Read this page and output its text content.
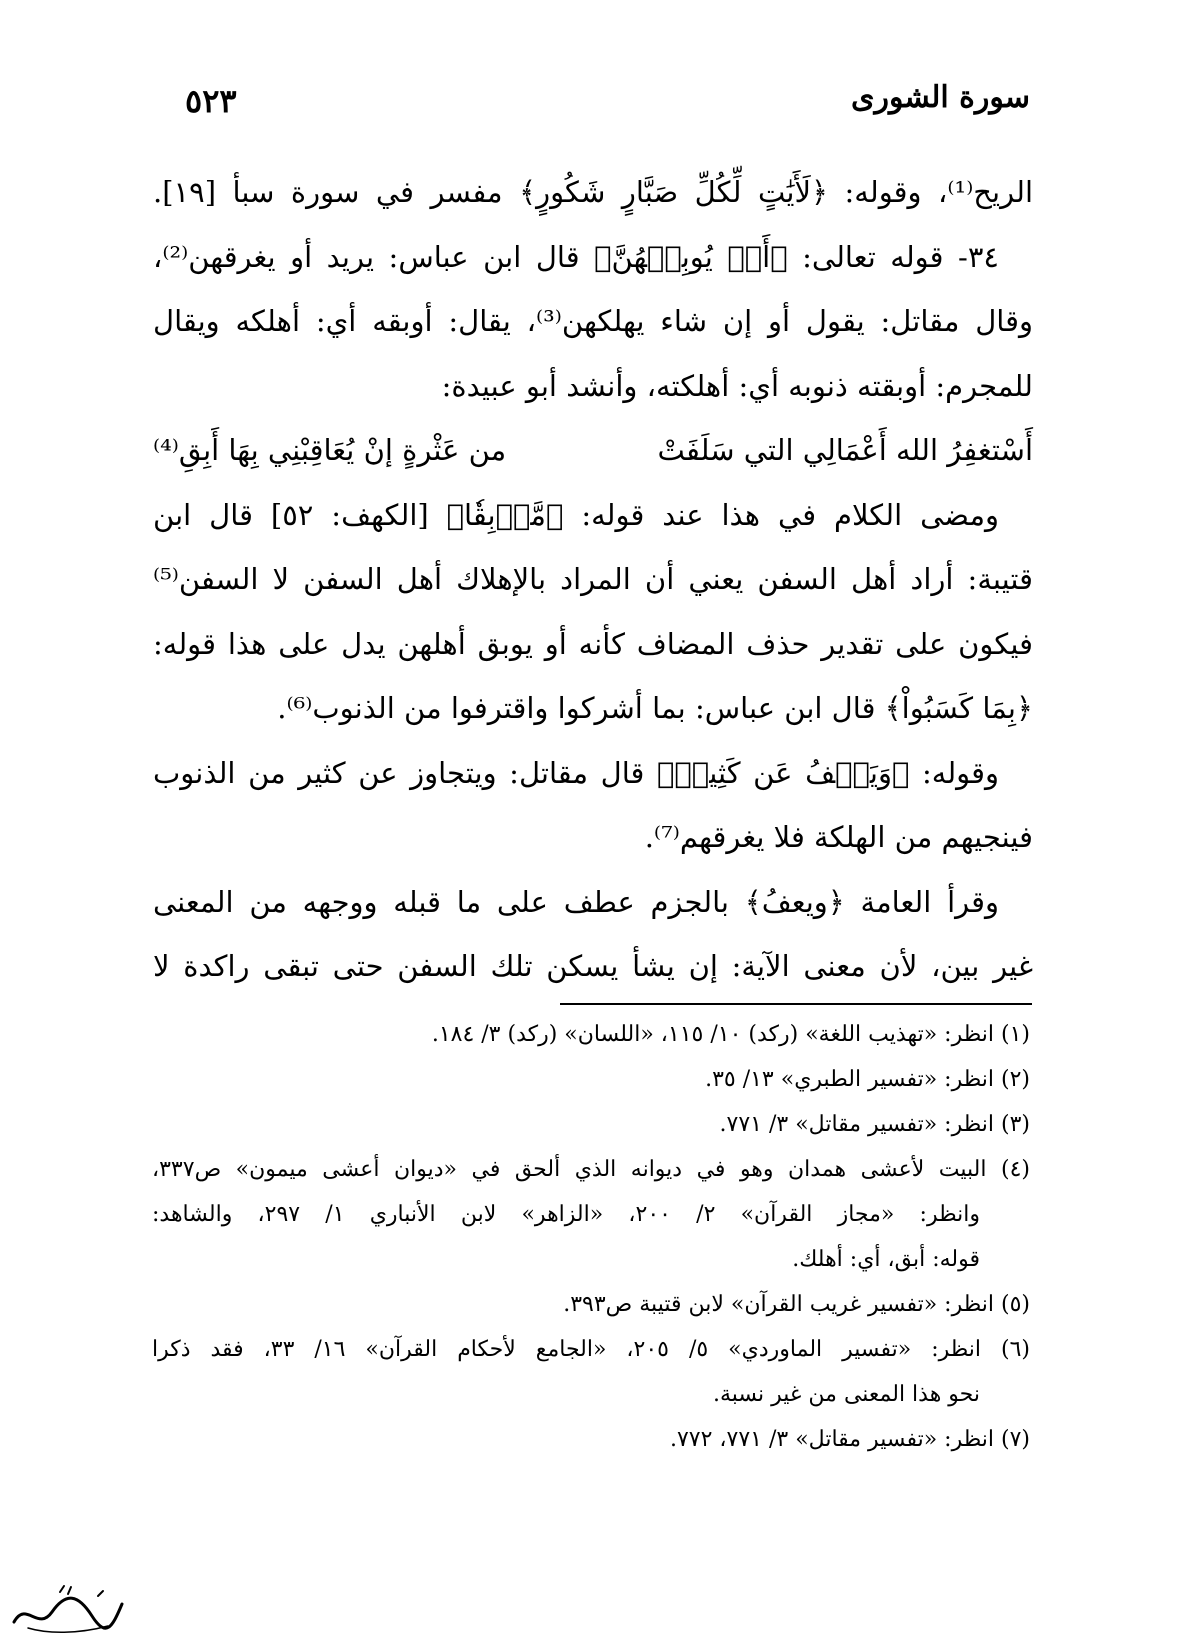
سورة الشورى
٥٢٣
الريح⁽¹⁾، وقوله: ﴿لَأَيَٰتٍ لِّكُلِّ صَبَّارٍ شَكُورٍ﴾ مفسر في سورة سبأ [١٩].
٣٤- قوله تعالى: ﴿أَوۡ يُوبِقۡهُنَّ﴾ قال ابن عباس: يريد أو يغرقهن⁽²⁾،
وقال مقاتل: يقول أو إن شاء يهلكهن⁽³⁾، يقال: أوبقه أي: أهلكه ويقال
للمجرم: أوبقته ذنوبه أي: أهلكته، وأنشد أبو عبيدة:
أَسْتغفِرُ الله أَعْمَالِي التي سَلَفَتْ
من عَثْرةٍ إنْ يُعَاقِبْنِي بِهَا أَبِقِ⁽⁴⁾
ومضى الكلام في هذا عند قوله: ﴿مَّوۡبِقٗا﴾ [الكهف: ٥٢] قال ابن
قتيبة: أراد أهل السفن يعني أن المراد بالإهلاك أهل السفن لا السفن⁽⁵⁾
فيكون على تقدير حذف المضاف كأنه أو يوبق أهلهن يدل على هذا قوله:
﴿بِمَا كَسَبُواْ﴾ قال ابن عباس: بما أشركوا واقترفوا من الذنوب⁽⁶⁾.
وقوله: ﴿وَيَعۡفُ عَن كَثِيرٖ﴾ قال مقاتل: ويتجاوز عن كثير من الذنوب
فينجيهم من الهلكة فلا يغرقهم⁽⁷⁾.
وقرأ العامة ﴿ويعفُ﴾ بالجزم عطف على ما قبله ووجهه من المعنى
غير بين، لأن معنى الآية: إن يشأ يسكن تلك السفن حتى تبقى راكدة لا
(١) انظر: «تهذيب اللغة» (ركد) ١٠/ ١١٥، «اللسان» (ركد) ٣/ ١٨٤.
(٢) انظر: «تفسير الطبري» ١٣/ ٣٥.
(٣) انظر: «تفسير مقاتل» ٣/ ٧٧١.
(٤) البيت لأعشى همدان وهو في ديوانه الذي ألحق في «ديوان أعشى ميمون» ص٣٣٧،
وانظر: «مجاز القرآن» ٢/ ٢٠٠، «الزاهر» لابن الأنباري ١/ ٢٩٧، والشاهد:
قوله: أبق، أي: أهلك.
(٥) انظر: «تفسير غريب القرآن» لابن قتيبة ص٣٩٣.
(٦) انظر: «تفسير الماوردي» ٥/ ٢٠٥، «الجامع لأحكام القرآن» ١٦/ ٣٣، فقد ذكرا
نحو هذا المعنى من غير نسبة.
(٧) انظر: «تفسير مقاتل» ٣/ ٧٧١، ٧٧٢.
